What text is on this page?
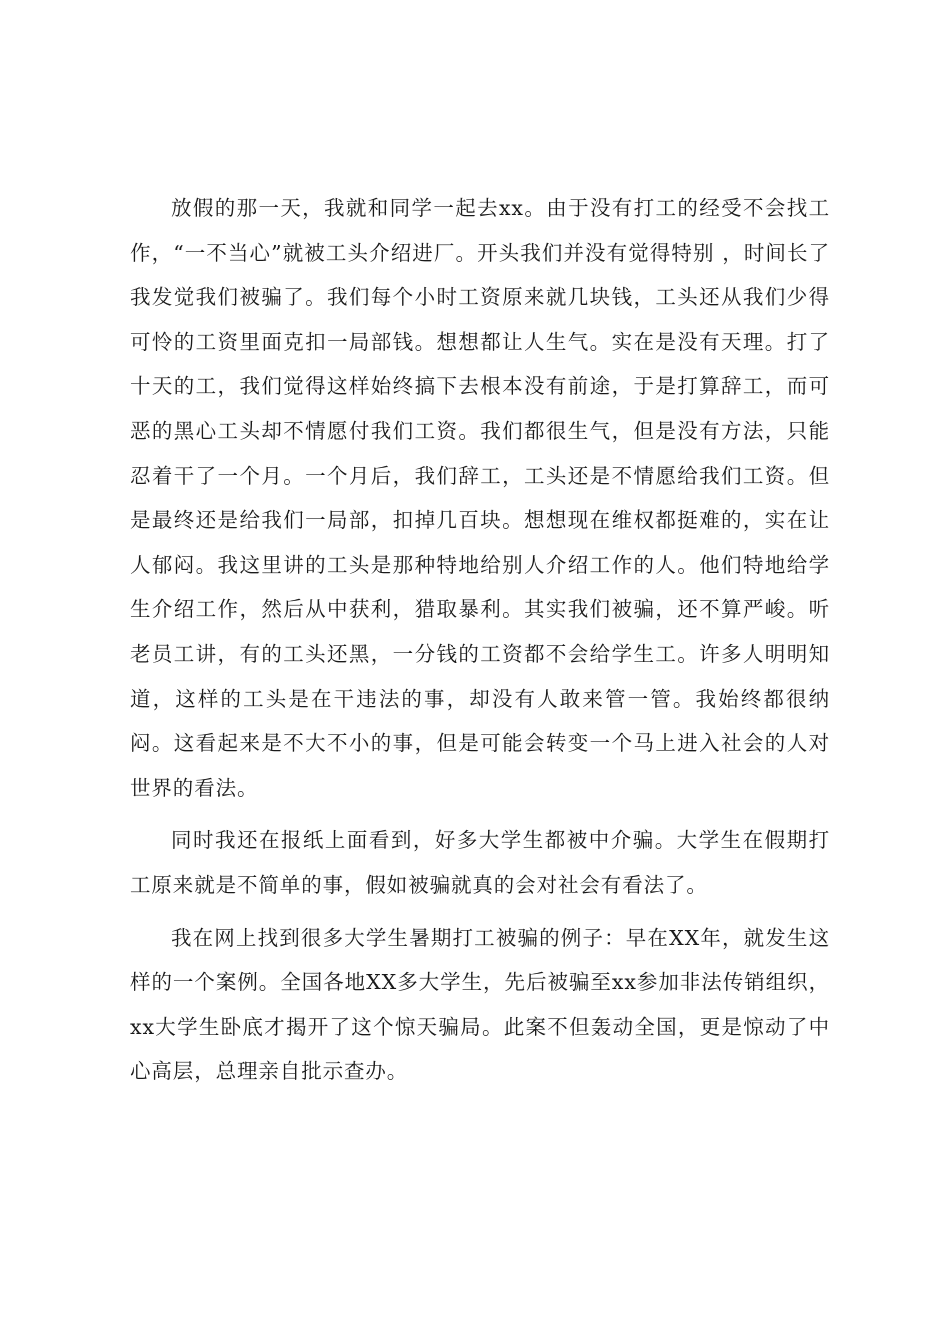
放假的那一天，我就和同学一起去xx。由于没有打工的经受不会找工作，“一不当心”就被工头介绍进厂。开头我们并没有觉得特别 ，时间长了我发觉我们被骗了。我们每个小时工资原来就几块钱，工头还从我们少得可怜的工资里面克扣一局部钱。想想都让人生气。实在是没有天理。打了十天的工，我们觉得这样始终搞下去根本没有前途，于是打算辞工，而可恶的黑心工头却不情愿付我们工资。我们都很生气，但是没有方法，只能忍着干了一个月。一个月后，我们辞工，工头还是不情愿给我们工资。但是最终还是给我们一局部，扣掉几百块。想想现在维权都挺难的，实在让人郁闷。我这里讲的工头是那种特地给别人介绍工作的人。他们特地给学生介绍工作，然后从中获利，猎取暴利。其实我们被骗，还不算严峻。听老员工讲，有的工头还黑，一分钱的工资都不会给学生工。许多人明明知道，这样的工头是在干违法的事，却没有人敢来管一管。我始终都很纳闷。这看起来是不大不小的事，但是可能会转变一个马上进入社会的人对世界的看法。

同时我还在报纸上面看到，好多大学生都被中介骗。大学生在假期打工原来就是不简单的事，假如被骗就真的会对社会有看法了。

我在网上找到很多大学生暑期打工被骗的例子：早在XX年，就发生这样的一个案例。全国各地XX多大学生，先后被骗至xx参加非法传销组织，xx大学生卧底才揭开了这个惊天骗局。此案不但轰动全国，更是惊动了中心高层，总理亲自批示查办。
